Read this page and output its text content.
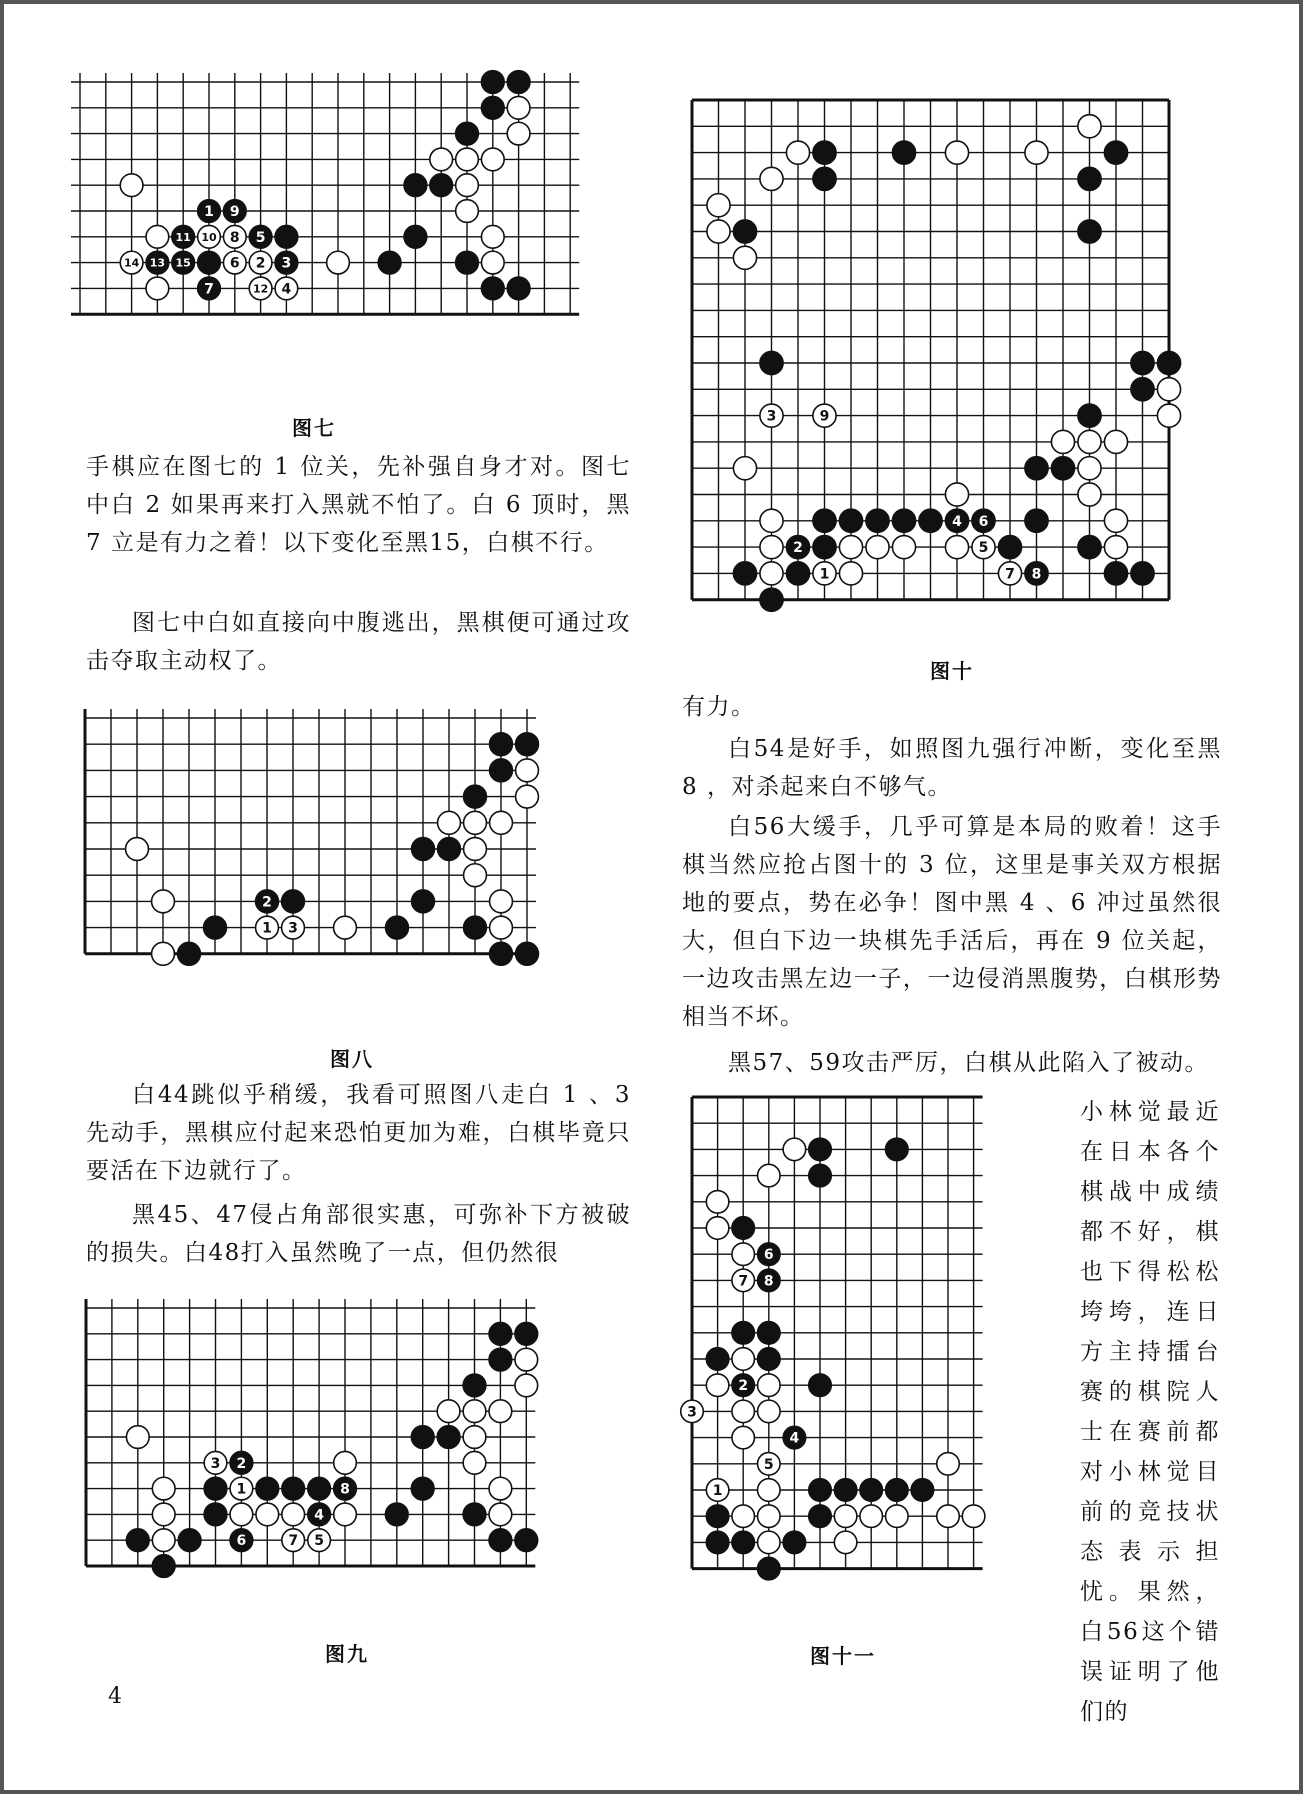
1 9
11 10 8 5
14 13 15	6 2 3
7	12 4
图七

手棋应在图七的 1 位关，先补强自身才对。图七中白 2 如果再来打入黑就不怕了。白 6 顶时，黑 7 立是有力之着！以下变化至黑15，白棋不行。

图七中白如直接向中腹逃出，黑棋便可通过攻击夺取主动权了。

2
1 3
图八

白44跳似乎稍缓，我看可照图八走白 1 、3 先动手，黑棋应付起来恐怕更加为难，白棋毕竟只要活在下边就行了。

黑45、47侵占角部很实惠，可弥补下方被破的损失。白48打入虽然晚了一点，但仍然很

3 2
1	8
4
6	7 5
图九
3	9
4 6
2	5
1	7 8
图十

有力。

白54是好手，如照图九强行冲断，变化至黑 8 ，对杀起来白不够气。

白56大缓手，几乎可算是本局的败着！这手棋当然应抢占图十的 3 位，这里是事关双方根据地的要点，势在必争！图中黑 4 、6 冲过虽然很大，但白下边一块棋先手活后，再在 9 位关起，一边攻击黑左边一子，一边侵消黑腹势，白棋形势相当不坏。

黑57、59攻击严厉，白棋从此陷入了被动。

6
7 8
2
3
4
5
1
图十一

小林觉最近在日本各个棋战中成绩都不好，棋也下得松松垮垮，连日方主持擂台赛的棋院人士在赛前都对小林觉目前的竞技状态表示担忧。果然，白56这个错误证明了他们的

4
